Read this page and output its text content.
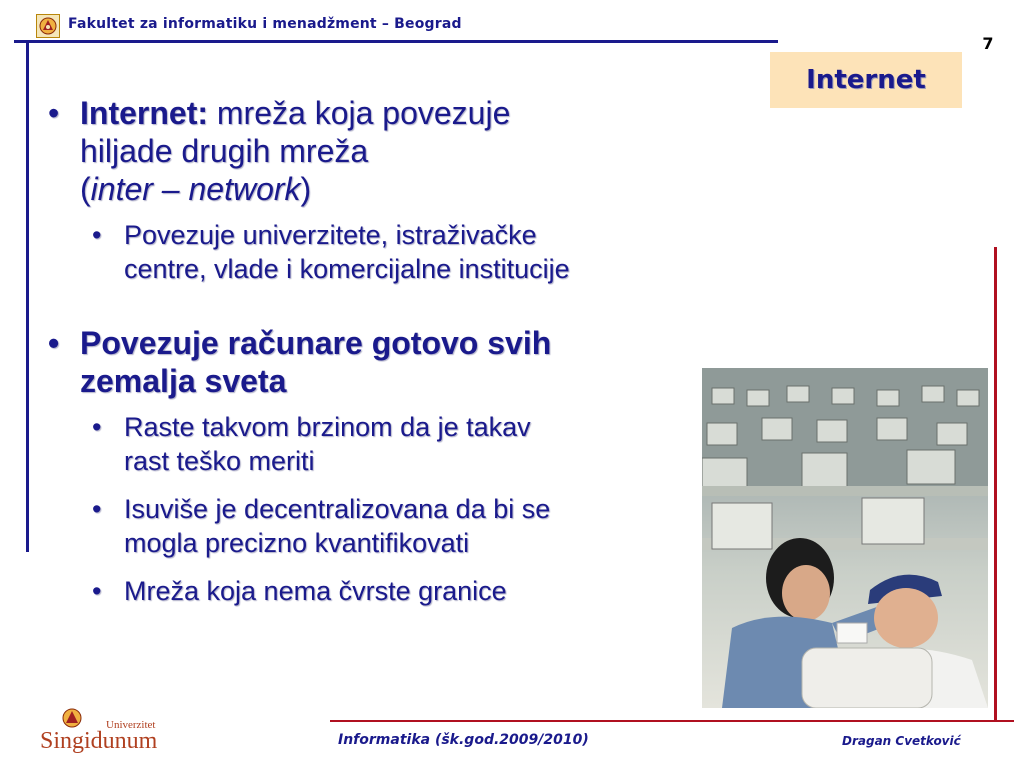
Fakultet za informatiku i menadžment – Beograd
7
Internet
• Internet: mreža koja povezuje
hiljade drugih mreža
(inter – network)
• Povezuje univerzitete, istraživačke
centre, vlade i komercijalne institucije
• Povezuje računare gotovo svih
zemalja sveta
• Raste takvom brzinom da je takav
rast teško meriti
• Isuviše je decentralizovana da bi se
mogla precizno kvantifikovati
• Mreža koja nema čvrste granice
Univerzitet
Singidunum	Informatika (šk.god.2009/2010)	Dragan Cvetković
